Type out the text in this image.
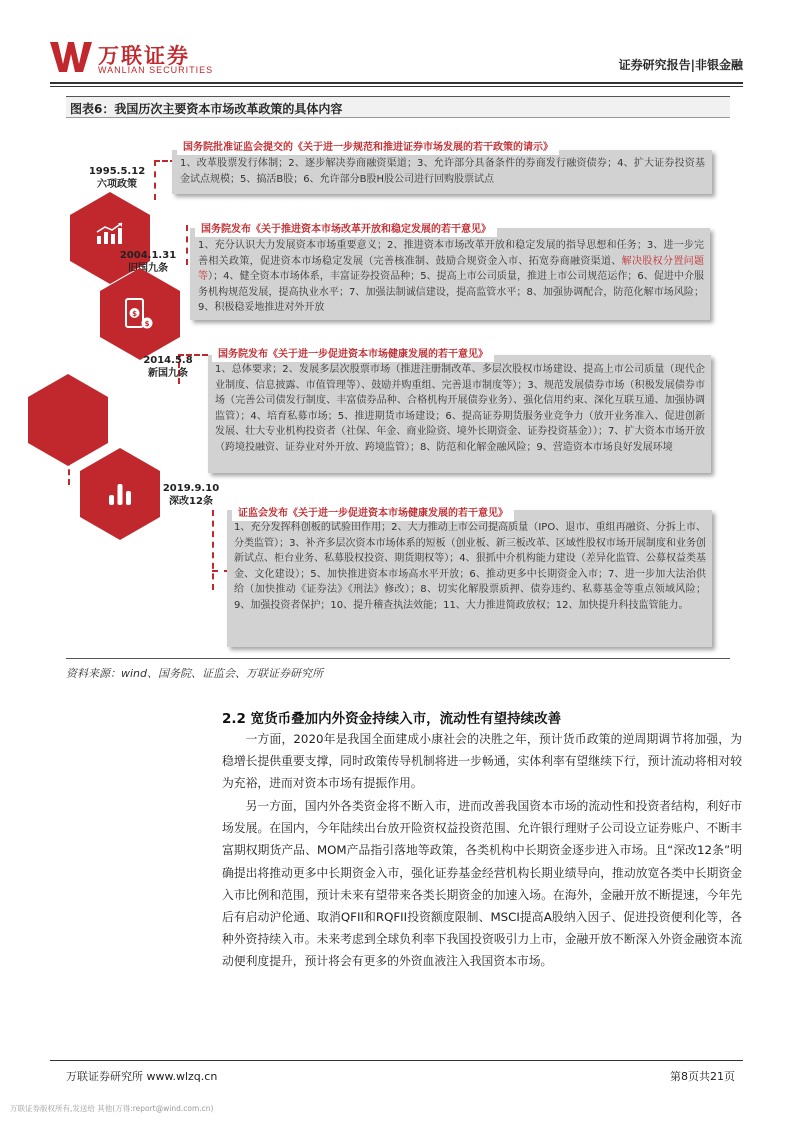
万联证券
WANLIAN SECURITIES	证券研究报告|非银金融
图表6：我国历次主要资本市场改革政策的具体内容
1995.5.12
六项政策
国务院批准证监会提交的《关于进一步规范和推进证券市场发展的若干政策的请示》
1、改革股票发行体制；2、逐步解决券商融资渠道；3、允许部分具备条件的券商发行融资债券；4、扩大证券投资基金试点规模；5、搞活B股；6、允许部分B股H股公司进行回购股票试点
2004.1.31
旧国九条
$
$
国务院发布《关于推进资本市场改革开放和稳定发展的若干意见》
1、充分认识大力发展资本市场重要意义；2、推进资本市场改革开放和稳定发展的指导思想和任务；3、进一步完善相关政策，促进资本市场稳定发展（完善核准制、鼓励合规资金入市、拓宽券商融资渠道、解决股权分置问题等）；4、健全资本市场体系，丰富证券投资品种；5、提高上市公司质量，推进上市公司规范运作；6、促进中介服务机构规范发展，提高执业水平；7、加强法制诚信建设，提高监管水平；8、加强协调配合，防范化解市场风险；9、积极稳妥地推进对外开放
2014.5.8
新国九条
国务院发布《关于进一步促进资本市场健康发展的若干意见》
1、总体要求；2、发展多层次股票市场（推进注册制改革、多层次股权市场建设、提高上市公司质量（现代企业制度、信息披露、市值管理等）、鼓励并购重组、完善退市制度等）；3、规范发展债券市场（积极发展债券市场（完善公司债发行制度、丰富债券品种、合格机构开展债券业务）、强化信用约束、深化互联互通、加强协调监管）；4、培育私募市场；5、推进期货市场建设；6、提高证券期货服务业竞争力（放开业务准入、促进创新发展、壮大专业机构投资者（社保、年金、商业险资、境外长期资金、证券投资基金））；7、扩大资本市场开放（跨境投融资、证券业对外开放、跨境监管）；8、防范和化解金融风险；9、营造资本市场良好发展环境
2019.9.10
深改12条
证监会发布《关于进一步促进资本市场健康发展的若干意见》
1、充分发挥科创板的试验田作用；2、大力推动上市公司提高质量（IPO、退市、重组再融资、分拆上市、分类监管）；3、补齐多层次资本市场体系的短板（创业板、新三板改革、区域性股权市场开展制度和业务创新试点、柜台业务、私募股权投资、期货期权等）；4、狠抓中介机构能力建设（差异化监管、公募权益类基金、文化建设）；5、加快推进资本市场高水平开放；6、推动更多中长期资金入市；7、进一步加大法治供给（加快推动《证券法》《刑法》修改）；8、切实化解股票质押、债券违约、私募基金等重点领域风险；9、加强投资者保护；10、提升稽查执法效能；11、大力推进简政放权；12、加快提升科技监管能力。
资料来源：wind、国务院、证监会、万联证券研究所
2.2 宽货币叠加内外资金持续入市，流动性有望持续改善
一方面，2020年是我国全面建成小康社会的决胜之年，预计货币政策的逆周期调节将加强，为稳增长提供重要支撑，同时政策传导机制将进一步畅通，实体利率有望继续下行，预计流动将相对较为充裕，进而对资本市场有提振作用。
另一方面，国内外各类资金将不断入市，进而改善我国资本市场的流动性和投资者结构，利好市场发展。在国内，今年陆续出台放开险资权益投资范围、允许银行理财子公司设立证券账户、不断丰富期权期货产品、MOM产品指引落地等政策，各类机构中长期资金逐步进入市场。且“深改12条”明确提出将推动更多中长期资金入市，强化证券基金经营机构长期业绩导向，推动放宽各类中长期资金入市比例和范围，预计未来有望带来各类长期资金的加速入场。在海外，金融开放不断提速，今年先后有启动沪伦通、取消QFII和RQFII投资额度限制、MSCI提高A股纳入因子、促进投资便利化等，各种外资持续入市。未来考虑到全球负利率下我国投资吸引力上市，金融开放不断深入外资金融资本流动便利度提升，预计将会有更多的外资血液注入我国资本市场。
万联证券研究所 www.wlzq.cn	第8页共21页
万联证券版权所有,发送给 其他(万得:report@wind.com.cn)
